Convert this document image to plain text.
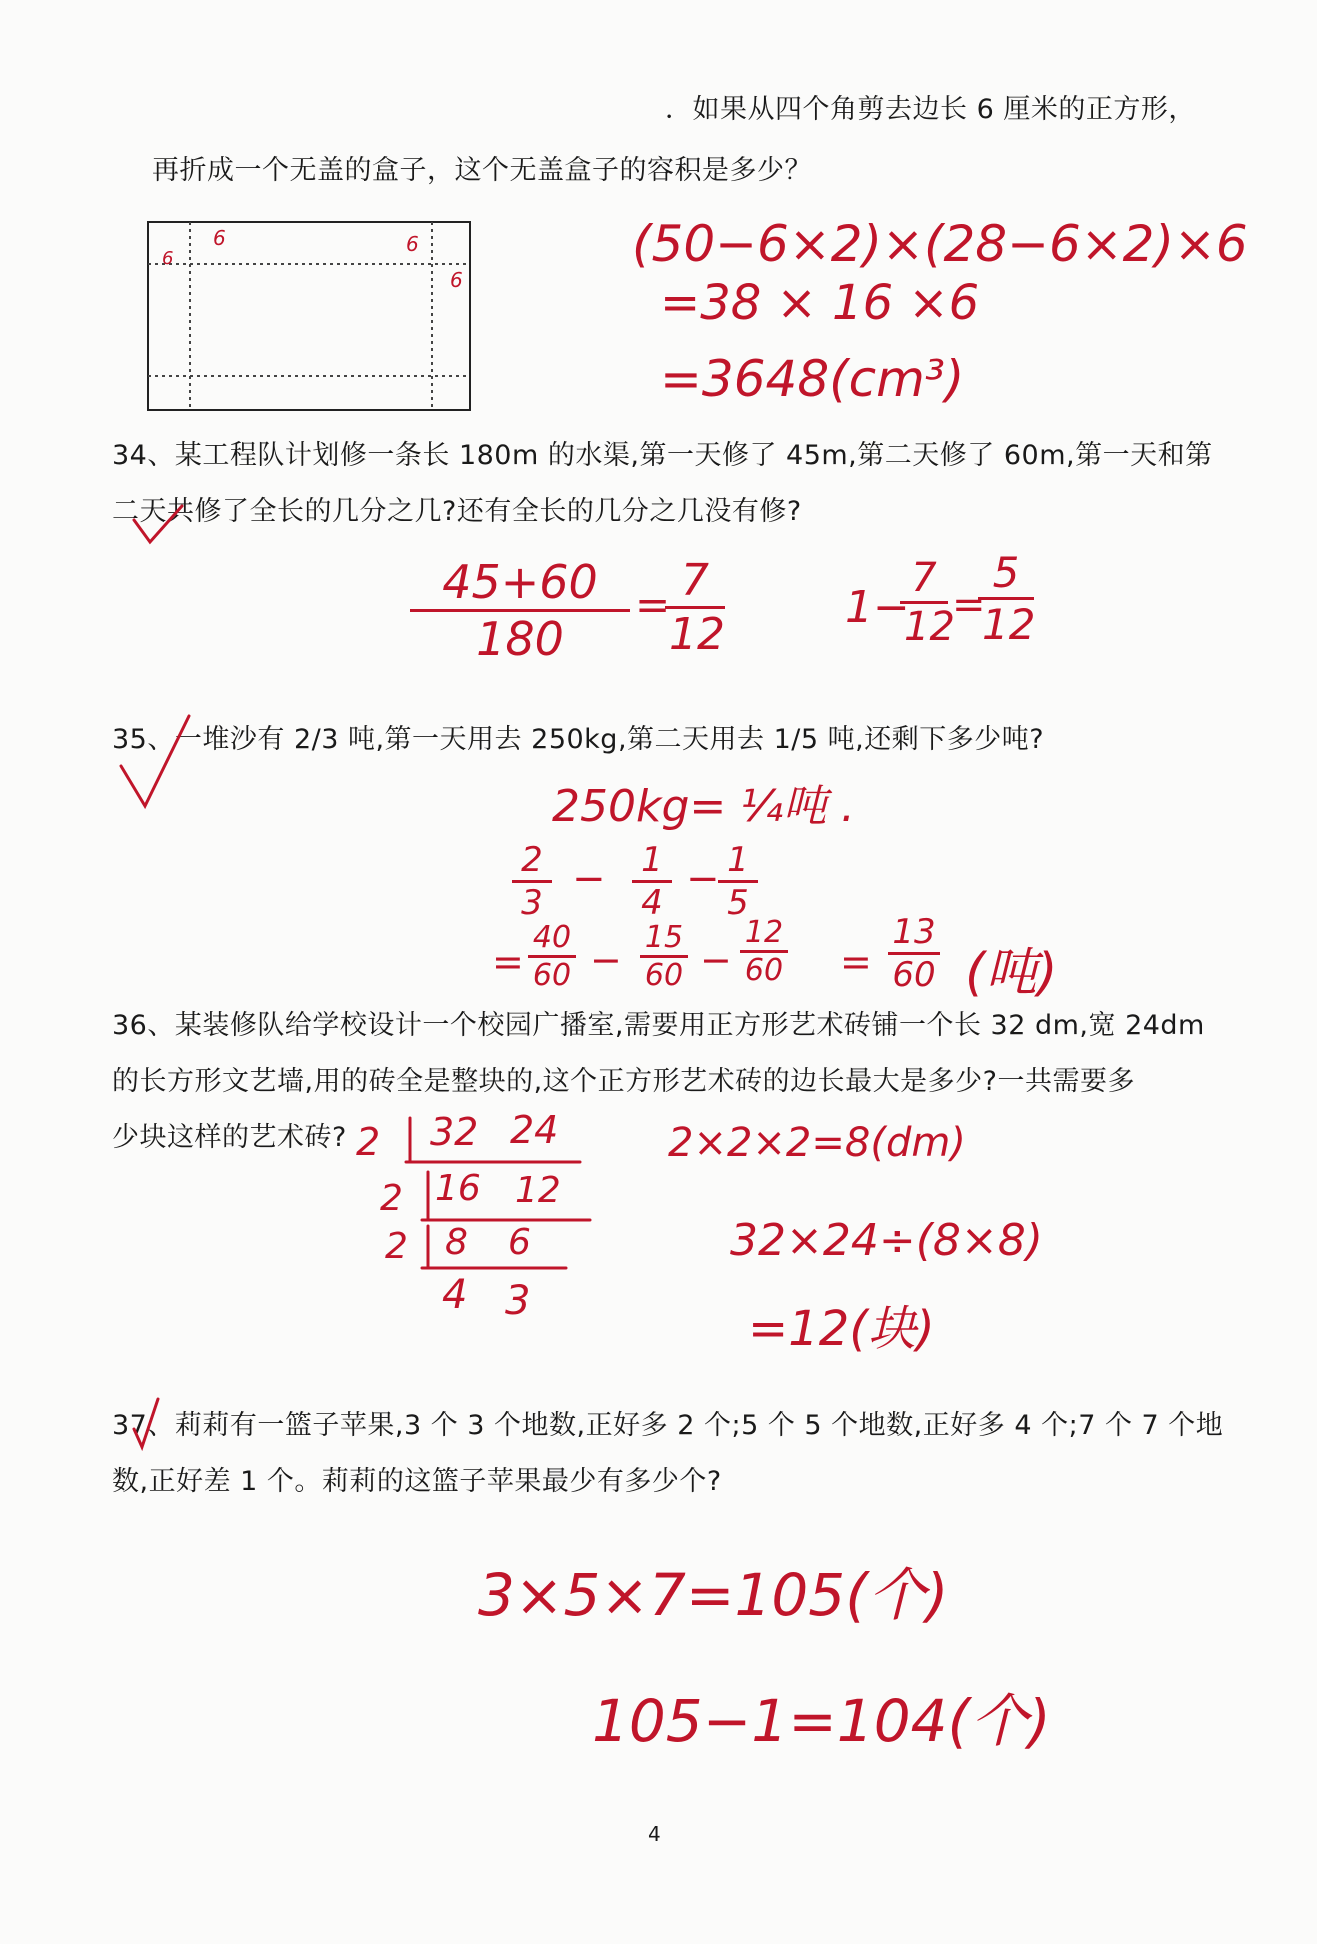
．如果从四个角剪去边长 6 厘米的正方形，
再折成一个无盖的盒子，这个无盖盒子的容积是多少？
6
6	6
6
(50−6×2)×(28−6×2)×6
=38 × 16 ×6
=3648(cm³)
34、某工程队计划修一条长 180m 的水渠,第一天修了 45m,第二天修了 60m,第一天和第
二天共修了全长的几分之几?还有全长的几分之几没有修?
$\frac{45+60}{180}$ =
$\frac{7}{12}$	1−
$\frac{7}{12}$ =
$\frac{5}{12}$
35、一堆沙有 2/3 吨,第一天用去 250kg,第二天用去 1/5 吨,还剩下多少吨?
250kg= ¼吨 .
$\frac{2}{3} - \frac{1}{4}$ −
$\frac{1}{5}$
= $\frac{40}{60} - \frac{15}{60} - \frac{12}{60} = \frac{13}{60}$ (吨)
36、某装修队给学校设计一个校园广播室,需要用正方形艺术砖铺一个长 32 dm,宽 24dm
的长方形文艺墙,用的砖全是整块的,这个正方形艺术砖的边长最大是多少?一共需要多
少块这样的艺术砖? 2 32 24
2 16 12
2 8 6
4 3
2×2×2=8(dm)
32×24÷(8×8)
=12(块)
37、莉莉有一篮子苹果,3 个 3 个地数,正好多 2 个;5 个 5 个地数,正好多 4 个;7 个 7 个地
数,正好差 1 个。莉莉的这篮子苹果最少有多少个?
3×5×7=105(个)
105−1=104(个)
4
